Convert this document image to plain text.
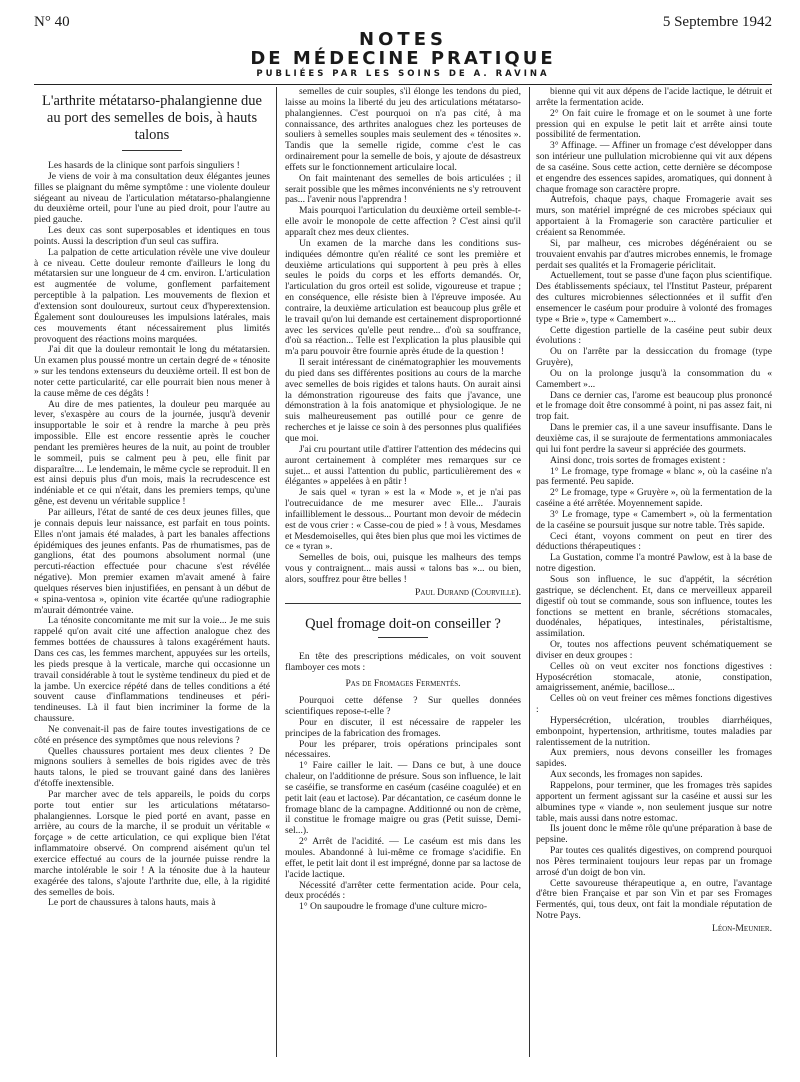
N° 40	5 Septembre 1942
NOTES
DE MÉDECINE PRATIQUE
PUBLIÉES PAR LES SOINS DE A. RAVINA
L'arthrite métatarso-phalangienne due au port des semelles de bois, à hauts talons

Les hasards de la clinique sont parfois singuliers !

Je viens de voir à ma consultation deux élégantes jeunes filles se plaignant du même symptôme : une violente douleur siégeant au niveau de l'articulation métatarso-phalangienne du deuxième orteil, pour l'une au pied droit, pour l'autre au pied gauche.

Les deux cas sont superposables et identiques en tous points. Aussi la description d'un seul cas suffira.

La palpation de cette articulation révèle une vive douleur à ce niveau. Cette douleur remonte d'ailleurs le long du métatarsien sur une longueur de 4 cm. environ. L'articulation est augmentée de volume, gonflement parfaitement perceptible à la palpation. Les mouvements de flexion et d'extension sont douloureux, surtout ceux d'hyperextension. Également sont douloureuses les impulsions latérales, mais ces mouvements étant nécessairement plus limités provoquent des réactions moins marquées.

J'ai dit que la douleur remontait le long du métatarsien. Un examen plus poussé montre un certain degré de « ténosite » sur les tendons extenseurs du deuxième orteil. Il est bon de noter cette particularité, car elle pourrait bien nous mener à la cause même de ces dégâts !

Au dire de mes patientes, la douleur peu marquée au lever, s'exaspère au cours de la journée, jusqu'à devenir insupportable le soir et à rendre la marche à peu près impossible. Elle est encore ressentie après le coucher pendant les premières heures de la nuit, au point de troubler le sommeil, puis se calment peu à peu, elle finit par disparaître.... Le lendemain, le même cycle se reproduit. Il en est ainsi depuis plus d'un mois, mais la recrudescence est indéniable et ce qui n'était, dans les premiers temps, qu'une gêne, est devenu un véritable supplice !

Par ailleurs, l'état de santé de ces deux jeunes filles, que je connais depuis leur naissance, est parfait en tous points. Elles n'ont jamais été malades, à part les banales affections épidémiques des jeunes enfants. Pas de rhumatismes, pas de ganglions, état des poumons absolument normal (une percuti-réaction effectuée pour chacune s'est révélée négative). Mon premier examen m'avait amené à faire quelques réserves bien injustifiées, en pensant à un début de « spina-ventosa », opinion vite écartée qu'une radiographie m'aurait démontrée vaine.

La ténosite concomitante me mit sur la voie... Je me suis rappelé qu'on avait cité une affection analogue chez des femmes bottées de chaussures à talons exagérément hauts. Dans ces cas, les femmes marchent, appuyées sur les orteils, les pieds presque à la verticale, marche qui occasionne un travail considérable à tout le système tendineux du pied et de la jambe. Un exercice répété dans de telles conditions a été souvent cause d'inflammations tendineuses et péri-tendineuses. Là il faut bien incriminer la forme de la chaussure.

Ne convenait-il pas de faire toutes investigations de ce côté en présence des symptômes que nous relevions ?

Quelles chaussures portaient mes deux clientes ? De mignons souliers à semelles de bois rigides avec de très hauts talons, le pied se trouvant gainé dans des lanières d'étoffe inextensible.

Par marcher avec de tels appareils, le poids du corps porte tout entier sur les articulations métatarso-phalangiennes. Lorsque le pied porté en avant, passe en arrière, au cours de la marche, il se produit un véritable « forçage » de cette articulation, ce qui explique bien l'état inflammatoire observé. On comprend aisément qu'un tel exercice effectué au cours de la journée puisse rendre la marche intolérable le soir ! A la ténosite due à la hauteur exagérée des talons, s'ajoute l'arthrite due, elle, à la rigidité des semelles de bois.

Le port de chaussures à talons hauts, mais à

semelles de cuir souples, s'il élonge les tendons du pied, laisse au moins la liberté du jeu des articulations métatarso-phalangiennes. C'est pourquoi on n'a pas cité, à ma connaissance, des arthrites analogues chez les porteuses de souliers à semelles souples mais seulement des « ténosites ». Tandis que la semelle rigide, comme c'est le cas ordinairement pour la semelle de bois, y ajoute de désastreux effets sur le fonctionnement articulaire local.

On fait maintenant des semelles de bois articulées ; il serait possible que les mêmes inconvénients ne s'y retrouvent pas... l'avenir nous l'apprendra !

Mais pourquoi l'articulation du deuxième orteil semble-t-elle avoir le monopole de cette affection ? C'est ainsi qu'il apparaît chez mes deux clientes.

Un examen de la marche dans les conditions sus-indiquées démontre qu'en réalité ce sont les première et deuxième articulations qui supportent à peu près à elles seules le poids du corps et les efforts demandés. Or, l'articulation du gros orteil est solide, vigoureuse et trapue ; en conséquence, elle résiste bien à l'épreuve imposée. Au contraire, la deuxième articulation est beaucoup plus grêle et le travail qu'on lui demande est certainement disproportionné avec les services qu'elle peut rendre... d'où sa souffrance, d'où sa réaction... Telle est l'explication la plus plausible qui m'a paru pouvoir être fournie après étude de la question !

Il serait intéressant de cinématographier les mouvements du pied dans ses différentes positions au cours de la marche avec semelles de bois rigides et talons hauts. On aurait ainsi la démonstration rigoureuse des faits que j'avance, une démonstration à la fois anatomique et physiologique. Je ne suis malheureusement pas outillé pour ce genre de recherches et je laisse ce soin à des personnes plus qualifiées que moi.

J'ai cru pourtant utile d'attirer l'attention des médecins qui auront certainement à compléter mes remarques sur ce sujet... et aussi l'attention du public, particulièrement des « élégantes » appelées à en pâtir !

Je sais quel « tyran » est la « Mode », et je n'ai pas l'outrecuidance de me mesurer avec Elle... J'aurais infailliblement le dessous... Pourtant mon devoir de médecin est de vous crier : « Casse-cou de pied » ! à vous, Mesdames et Mesdemoiselles, qui êtes bien plus que moi les victimes de ce « tyran ».

Semelles de bois, oui, puisque les malheurs des temps vous y contraignent... mais aussi « talons bas »... ou bien, alors, souffrez pour être belles !

Paul Durand (Courville).
Quel fromage doit-on conseiller ?

En tête des prescriptions médicales, on voit souvent flamboyer ces mots :

Pas de Fromages Fermentés.

Pourquoi cette défense ? Sur quelles données scientifiques repose-t-elle ?

Pour en discuter, il est nécessaire de rappeler les principes de la fabrication des fromages.

Pour les préparer, trois opérations principales sont nécessaires.

1° Faire cailler le lait. — Dans ce but, à une douce chaleur, on l'additionne de présure. Sous son influence, le lait se caséifie, se transforme en caséum (caséine coagulée) et en petit lait (eau et lactose). Par décantation, ce caséum donne le fromage blanc de la campagne. Additionné ou non de crème, il constitue le fromage maigre ou gras (Petit suisse, Demi-sel...).

2° Arrêt de l'acidité. — Le caséum est mis dans les moules. Abandonné à lui-même ce fromage s'acidifie. En effet, le petit lait dont il est imprégné, donne par sa lactose de l'acide lactique.

Nécessité d'arrêter cette fermentation acide. Pour cela, deux procédés :

1° On saupoudre le fromage d'une culture micro-

bienne qui vit aux dépens de l'acide lactique, le détruit et arrête la fermentation acide.

2° On fait cuire le fromage et on le soumet à une forte pression qui en expulse le petit lait et arrête ainsi toute possibilité de fermentation.

3° Affinage. — Affiner un fromage c'est développer dans son intérieur une pullulation microbienne qui vit aux dépens de sa caséine. Sous cette action, cette dernière se décompose et engendre des essences sapides, aromatiques, qui donnent à chaque fromage son caractère propre.

Autrefois, chaque pays, chaque Fromagerie avait ses murs, son matériel imprégné de ces microbes spéciaux qui apportaient à la Fromagerie son caractère particulier et créaient sa Renommée.

Si, par malheur, ces microbes dégénéraient ou se trouvaient envahis par d'autres microbes ennemis, le fromage perdait ses qualités et la Fromagerie périclitait.

Actuellement, tout se passe d'une façon plus scientifique. Des établissements spéciaux, tel l'Institut Pasteur, préparent des cultures microbiennes sélectionnées et il suffit d'en ensemencer le caséum pour produire à volonté des fromages type « Brie », type « Camembert »...

Cette digestion partielle de la caséine peut subir deux évolutions :

Ou on l'arrête par la dessiccation du fromage (type Gruyère),

Ou on la prolonge jusqu'à la consommation du « Camembert »...

Dans ce dernier cas, l'arome est beaucoup plus prononcé et le fromage doit être consommé à point, ni pas assez fait, ni trop fait.

Dans le premier cas, il a une saveur insuffisante. Dans le deuxième cas, il se surajoute de fermentations ammoniacales qui lui font perdre la saveur si appréciée des gourmets.

Ainsi donc, trois sortes de fromages existent :

1° Le fromage, type fromage « blanc », où la caséine n'a pas fermenté. Peu sapide.

2° Le fromage, type « Gruyère », où la fermentation de la caséine a été arrêtée. Moyennement sapide.

3° Le fromage, type « Camembert », où la fermentation de la caséine se poursuit jusque sur notre table. Très sapide.

Ceci étant, voyons comment on peut en tirer des déductions thérapeutiques :

La Gustation, comme l'a montré Pawlow, est à la base de notre digestion.

Sous son influence, le suc d'appétit, la sécrétion gastrique, se déclenchent. Et, dans ce merveilleux appareil digestif où tout se commande, sous son influence, toutes les fonctions se mettent en branle, sécrétions stomacales, duodénales, hépatiques, intestinales, péristaltisme, assimilation.

Or, toutes nos affections peuvent schématiquement se diviser en deux groupes :

Celles où on veut exciter nos fonctions digestives : Hyposécrétion stomacale, atonie, constipation, amaigrissement, anémie, bacillose...

Celles où on veut freiner ces mêmes fonctions digestives :

Hypersécrétion, ulcération, troubles diarrhéiques, embonpoint, hypertension, arthritisme, toutes maladies par ralentissement de la nutrition.

Aux premiers, nous devons conseiller les fromages sapides.

Aux seconds, les fromages non sapides.

Rappelons, pour terminer, que les fromages très sapides apportent un ferment agissant sur la caséine et aussi sur les albumines type « viande », non seulement jusque sur notre table, mais aussi dans notre estomac.

Ils jouent donc le même rôle qu'une préparation à base de pepsine.

Par toutes ces qualités digestives, on comprend pourquoi nos Pères terminaient toujours leur repas par un fromage arrosé d'un doigt de bon vin.

Cette savoureuse thérapeutique a, en outre, l'avantage d'être bien Française et par son Vin et par ses Fromages Fermentés, qui, tous deux, ont fait la mondiale réputation de Notre Pays.

Léon-Meunier.
